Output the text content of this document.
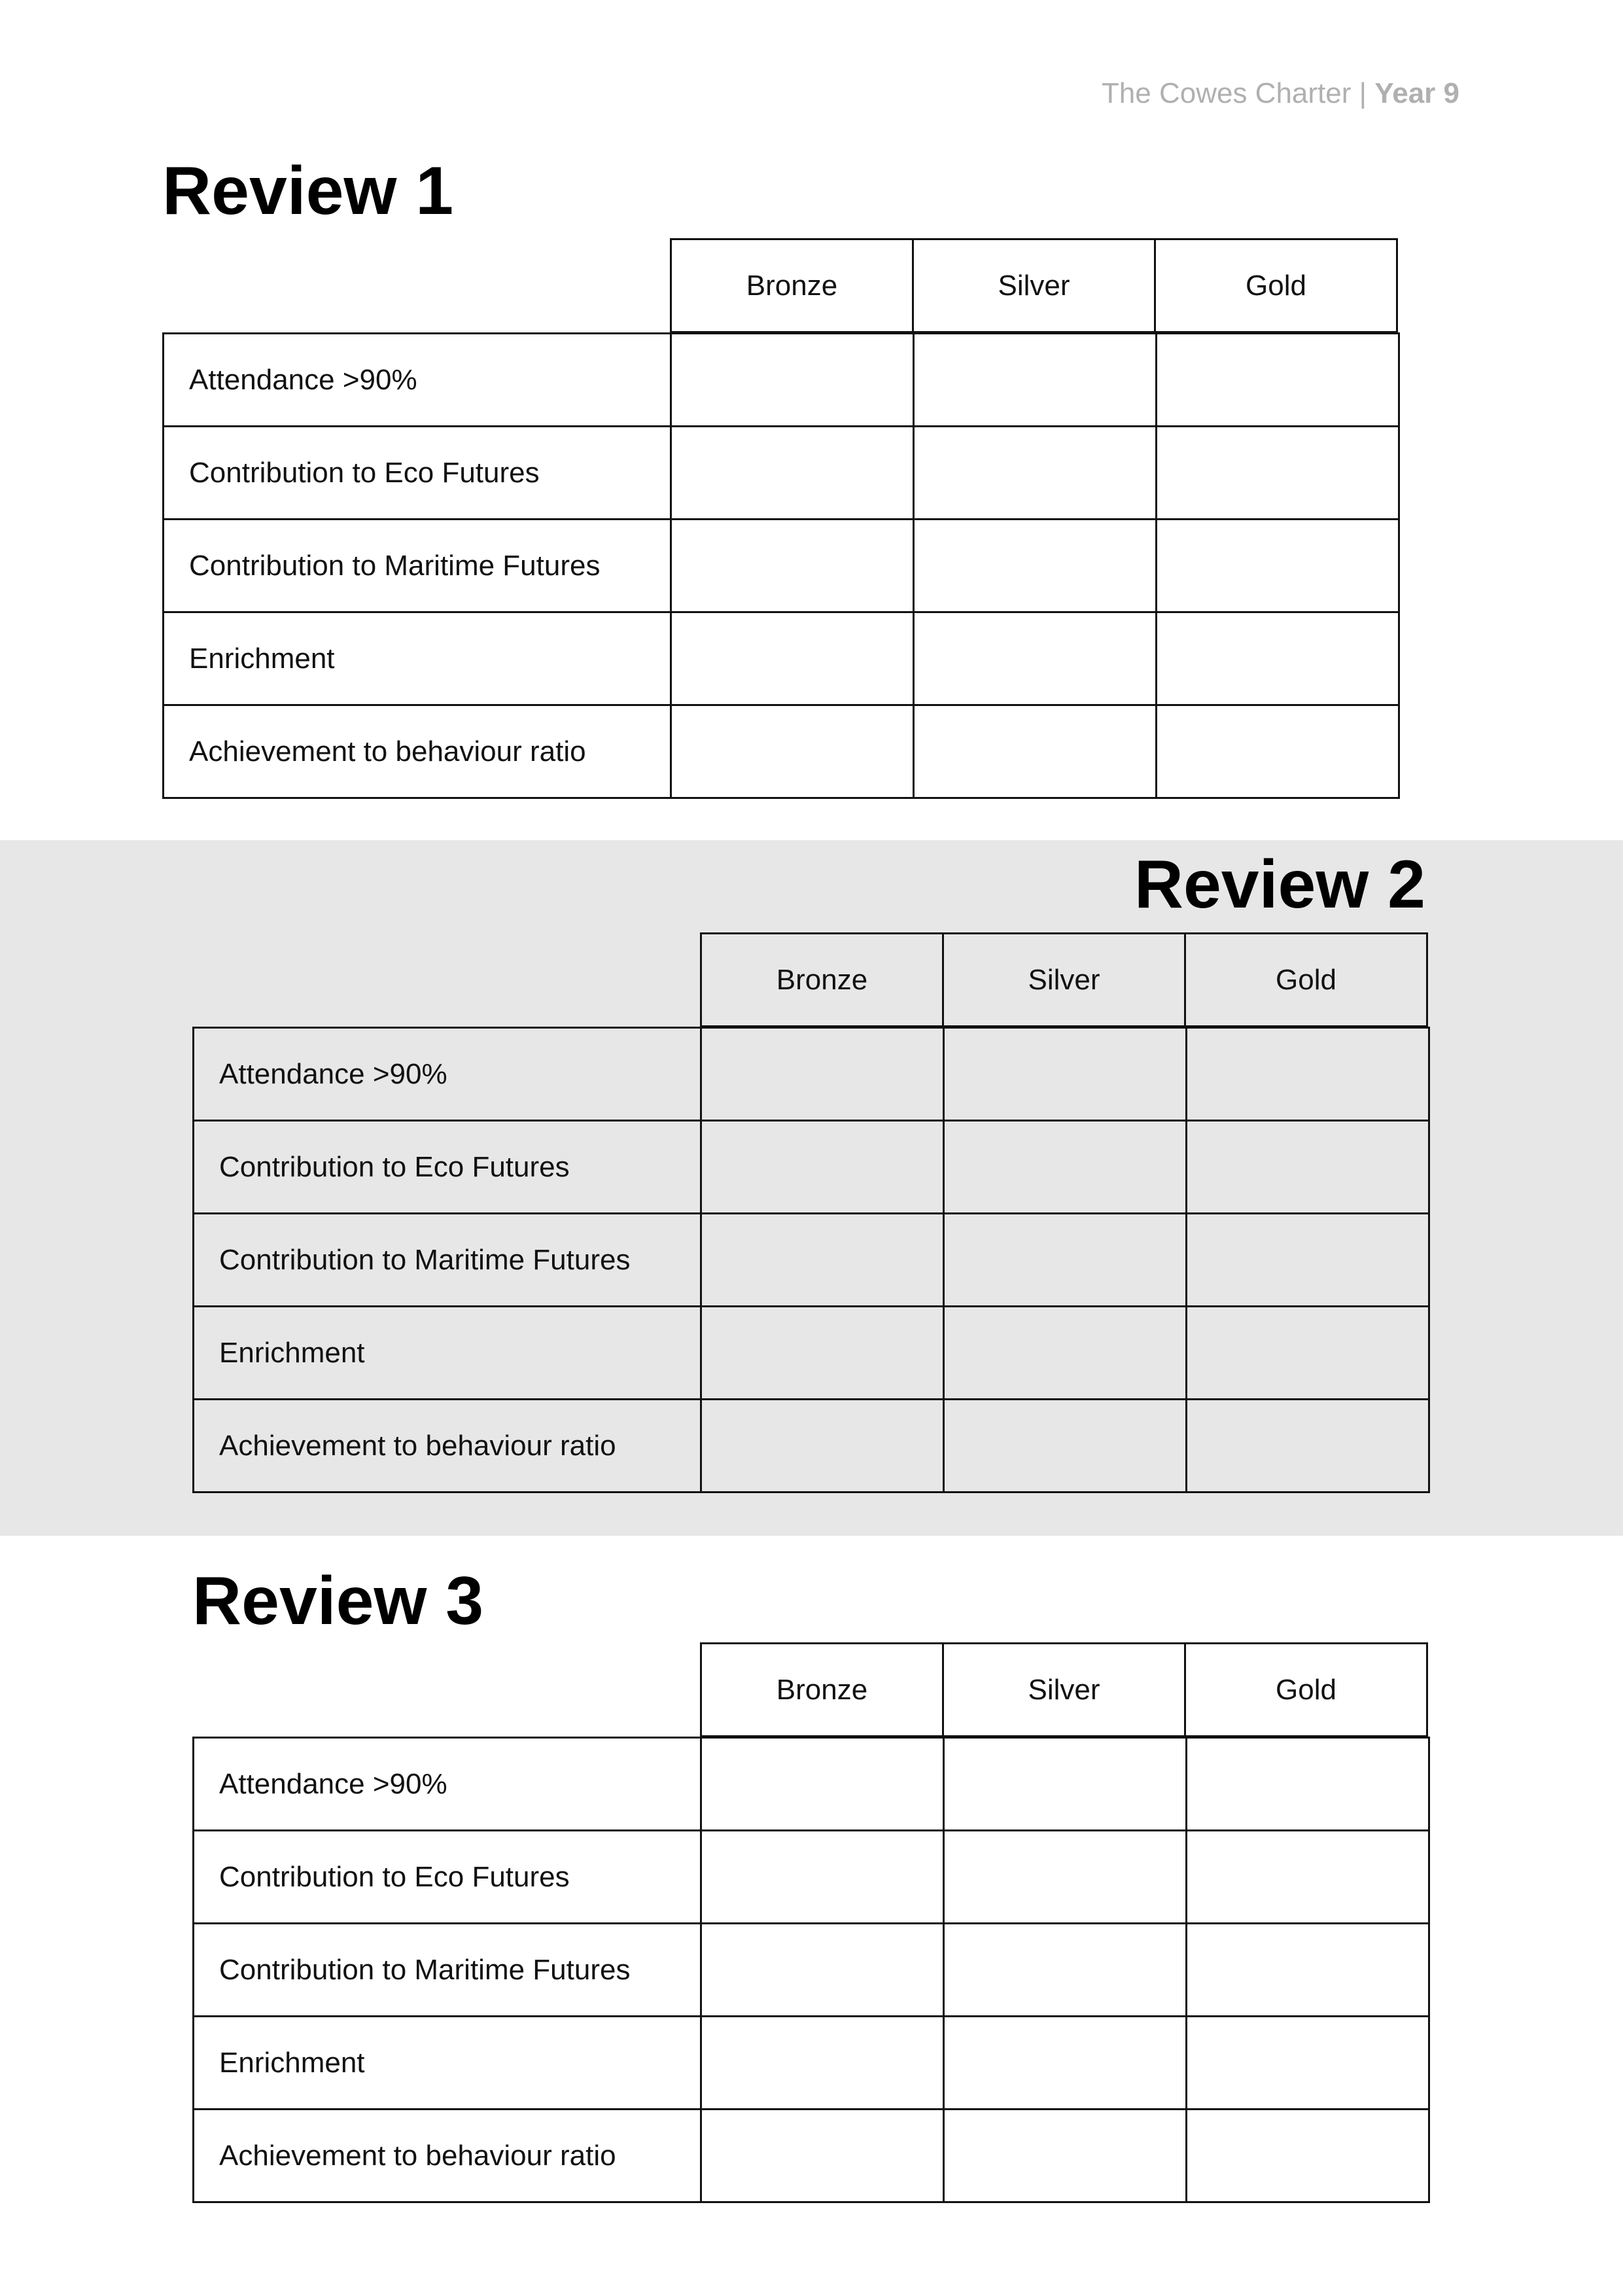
The Cowes Charter | Year 9
Review 1
Bronze	Silver	Gold
Attendance >90%			
Contribution to Eco Futures			
Contribution to Maritime Futures			
Enrichment			
Achievement to behaviour ratio			
Review 2
Bronze	Silver	Gold
Attendance >90%			
Contribution to Eco Futures			
Contribution to Maritime Futures			
Enrichment			
Achievement to behaviour ratio			
Review 3
Bronze	Silver	Gold
Attendance >90%			
Contribution to Eco Futures			
Contribution to Maritime Futures			
Enrichment			
Achievement to behaviour ratio			
